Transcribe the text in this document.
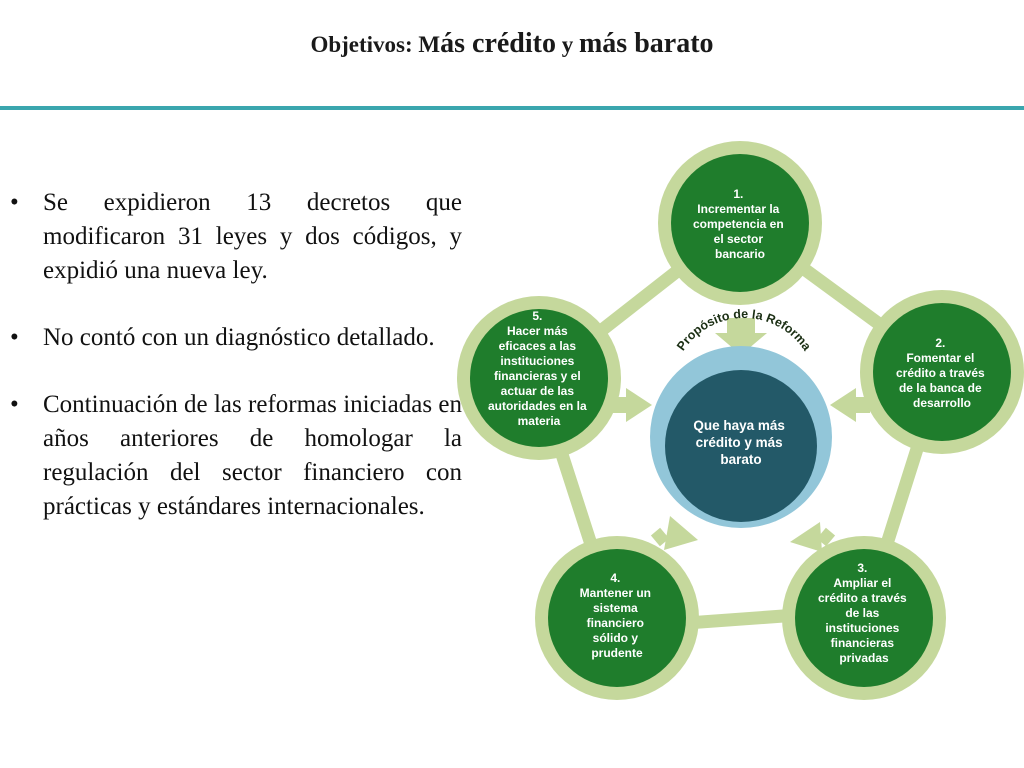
Objetivos: Más crédito y más barato
• Se expidieron 13 decretos que modificaron 31 leyes y dos códigos, y expidió una nueva ley.
• No contó con un diagnóstico detallado.
• Continuación de las reformas iniciadas en años anteriores de homologar la regulación del sector financiero con prácticas y estándares internacionales.
Propósito de la Reforma
Que haya más crédito y más barato
1. Incrementar la competencia en el sector bancario
2. Fomentar el crédito a través de la banca de desarrollo
3. Ampliar el crédito a través de las instituciones financieras privadas
4. Mantener un sistema financiero sólido y prudente
5. Hacer más eficaces a las instituciones financieras y el actuar de las autoridades en la materia
